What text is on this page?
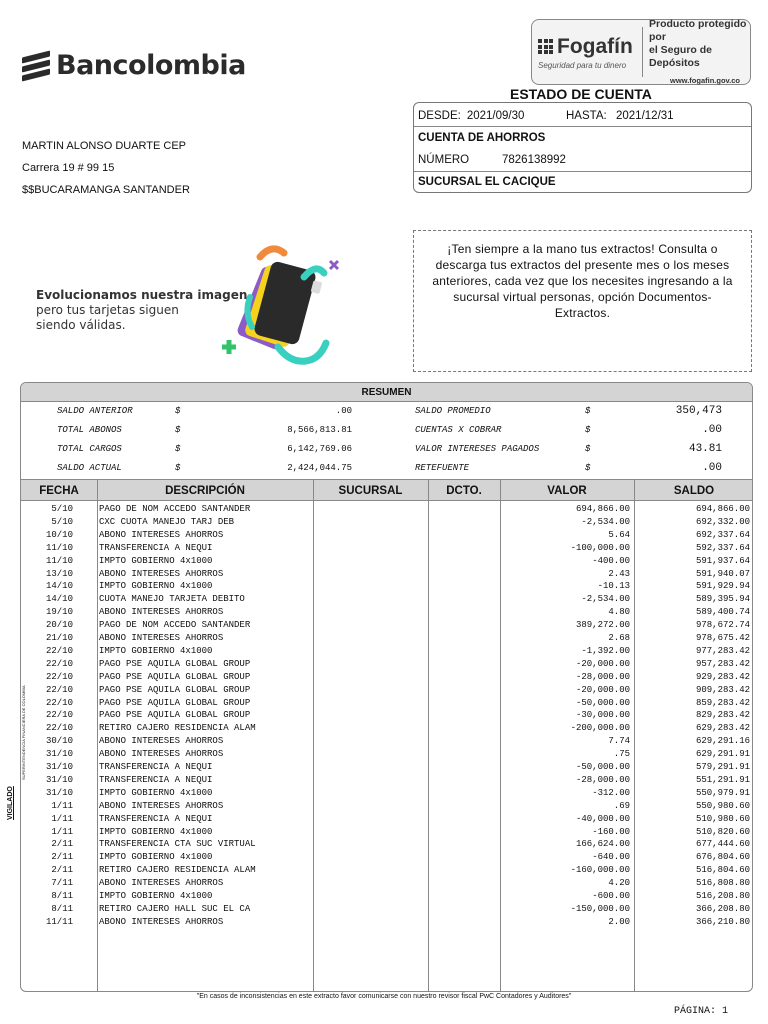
Bancolombia
Fogafín
Seguridad para tu dinero
Producto protegido por
el Seguro de Depósitos
www.fogafin.gov.co
ESTADO DE CUENTA
DESDE: 2021/09/30	HASTA: 2021/12/31
CUENTA DE AHORROS
NÚMERO	7826138992
SUCURSAL EL CACIQUE
MARTIN ALONSO DUARTE CEP
Carrera 19 # 99 15
$$BUCARAMANGA SANTANDER
Evolucionamos nuestra imagen
pero tus tarjetas siguen
siendo válidas.
¡Ten siempre a la mano tus extractos! Consulta o descarga tus extractos del presente mes o los meses anteriores, cada vez que los necesites ingresando a la sucursal virtual personas, opción Documentos-Extractos.
RESUMEN
SALDO ANTERIOR	$	.00
TOTAL ABONOS	$	8,566,813.81
TOTAL CARGOS	$	6,142,769.06
SALDO ACTUAL	$	2,424,044.75
SALDO PROMEDIO	$	350,473
CUENTAS X COBRAR	$	.00
VALOR INTERESES PAGADOS	$	43.81
RETEFUENTE	$	.00
FECHA	DESCRIPCIÓN	SUCURSAL	DCTO.	VALOR	SALDO
5/10	PAGO DE NOM ACCEDO SANTANDER	694,866.00	694,866.00
5/10	CXC CUOTA MANEJO TARJ DEB	-2,534.00	692,332.00
10/10	ABONO INTERESES AHORROS	5.64	692,337.64
11/10	TRANSFERENCIA A NEQUI	-100,000.00	592,337.64
11/10	IMPTO GOBIERNO 4x1000	-400.00	591,937.64
13/10	ABONO INTERESES AHORROS	2.43	591,940.07
14/10	IMPTO GOBIERNO 4x1000	-10.13	591,929.94
14/10	CUOTA MANEJO TARJETA DEBITO	-2,534.00	589,395.94
19/10	ABONO INTERESES AHORROS	4.80	589,400.74
20/10	PAGO DE NOM ACCEDO SANTANDER	389,272.00	978,672.74
21/10	ABONO INTERESES AHORROS	2.68	978,675.42
22/10	IMPTO GOBIERNO 4x1000	-1,392.00	977,283.42
22/10	PAGO PSE AQUILA GLOBAL GROUP	-20,000.00	957,283.42
22/10	PAGO PSE AQUILA GLOBAL GROUP	-28,000.00	929,283.42
22/10	PAGO PSE AQUILA GLOBAL GROUP	-20,000.00	909,283.42
22/10	PAGO PSE AQUILA GLOBAL GROUP	-50,000.00	859,283.42
22/10	PAGO PSE AQUILA GLOBAL GROUP	-30,000.00	829,283.42
22/10	RETIRO CAJERO RESIDENCIA ALAM	-200,000.00	629,283.42
30/10	ABONO INTERESES AHORROS	7.74	629,291.16
31/10	ABONO INTERESES AHORROS	.75	629,291.91
31/10	TRANSFERENCIA A NEQUI	-50,000.00	579,291.91
31/10	TRANSFERENCIA A NEQUI	-28,000.00	551,291.91
31/10	IMPTO GOBIERNO 4x1000	-312.00	550,979.91
1/11	ABONO INTERESES AHORROS	.69	550,980.60
1/11	TRANSFERENCIA A NEQUI	-40,000.00	510,980.60
1/11	IMPTO GOBIERNO 4x1000	-160.00	510,820.60
2/11	TRANSFERENCIA CTA SUC VIRTUAL	166,624.00	677,444.60
2/11	IMPTO GOBIERNO 4x1000	-640.00	676,804.60
2/11	RETIRO CAJERO RESIDENCIA ALAM	-160,000.00	516,804.60
7/11	ABONO INTERESES AHORROS	4.20	516,808.80
8/11	IMPTO GOBIERNO 4x1000	-600.00	516,208.80
8/11	RETIRO CAJERO HALL SUC EL CA	-150,000.00	366,208.80
11/11	ABONO INTERESES AHORROS	2.00	366,210.80
VIGILADO
SUPERINTENDENCIA FINANCIERA DE COLOMBIA
"En casos de inconsistencias en este extracto favor comunicarse con nuestro revisor fiscal PwC Contadores y Auditores"
PÁGINA: 1
